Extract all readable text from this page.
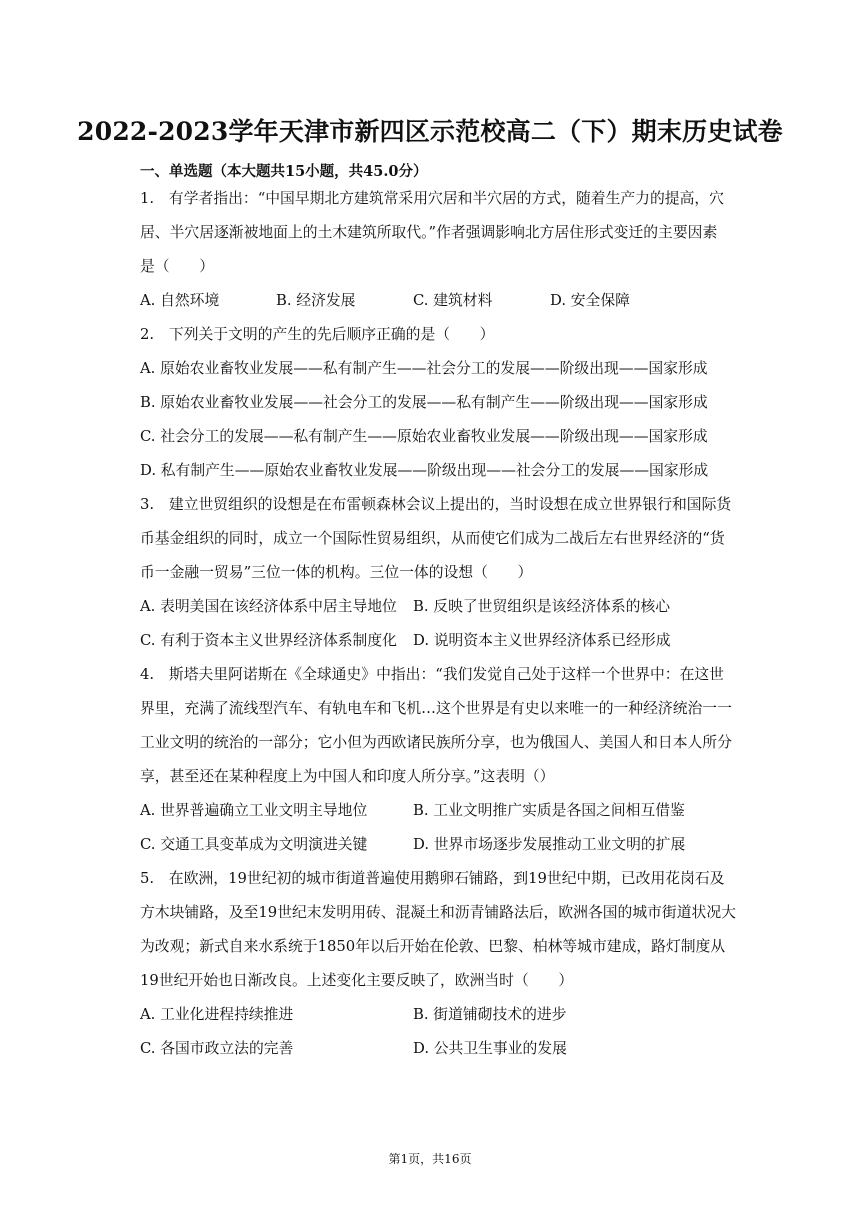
2022-2023学年天津市新四区示范校高二（下）期末历史试卷
一、单选题（本大题共15小题，共45.0分）
1.　有学者指出：“中国早期北方建筑常采用穴居和半穴居的方式，随着生产力的提高，穴
居、半穴居逐渐被地面上的土木建筑所取代。”作者强调影响北方居住形式变迁的主要因素
是（　　）
A. 自然环境	B. 经济发展	C. 建筑材料	D. 安全保障
2.　下列关于文明的产生的先后顺序正确的是（　　）
A. 原始农业畜牧业发展——私有制产生——社会分工的发展——阶级出现——国家形成
B. 原始农业畜牧业发展——社会分工的发展——私有制产生——阶级出现——国家形成
C. 社会分工的发展——私有制产生——原始农业畜牧业发展——阶级出现——国家形成
D. 私有制产生——原始农业畜牧业发展——阶级出现——社会分工的发展——国家形成
3.　建立世贸组织的设想是在布雷顿森林会议上提出的，当时设想在成立世界银行和国际货
币基金组织的同时，成立一个国际性贸易组织，从而使它们成为二战后左右世界经济的“货
币一金融一贸易”三位一体的机构。三位一体的设想（　　）
A. 表明美国在该经济体系中居主导地位 B. 反映了世贸组织是该经济体系的核心
C. 有利于资本主义世界经济体系制度化 D. 说明资本主义世界经济体系已经形成
4.　斯塔夫里阿诺斯在《全球通史》中指出：“我们发觉自己处于这样一个世界中：在这世
界里，充满了流线型汽车、有轨电车和飞机…这个世界是有史以来唯一的一种经济统治一一
工业文明的统治的一部分；它小但为西欧诸民族所分享，也为俄国人、美国人和日本人所分
享，甚至还在某种程度上为中国人和印度人所分享。”这表明（）
A. 世界普遍确立工业文明主导地位	B. 工业文明推广实质是各国之间相互借鉴
C. 交通工具变革成为文明演进关键	D. 世界市场逐步发展推动工业文明的扩展
5.　在欧洲，19世纪初的城市街道普遍使用鹅卵石铺路，到19世纪中期，已改用花岗石及
方木块铺路，及至19世纪末发明用砖、混凝土和沥青铺路法后，欧洲各国的城市街道状况大
为改观；新式自来水系统于1850年以后开始在伦敦、巴黎、柏林等城市建成，路灯制度从
19世纪开始也日渐改良。上述变化主要反映了，欧洲当时（　　）
A. 工业化进程持续推进	B. 街道铺砌技术的进步
C. 各国市政立法的完善	D. 公共卫生事业的发展
第1页，共16页
